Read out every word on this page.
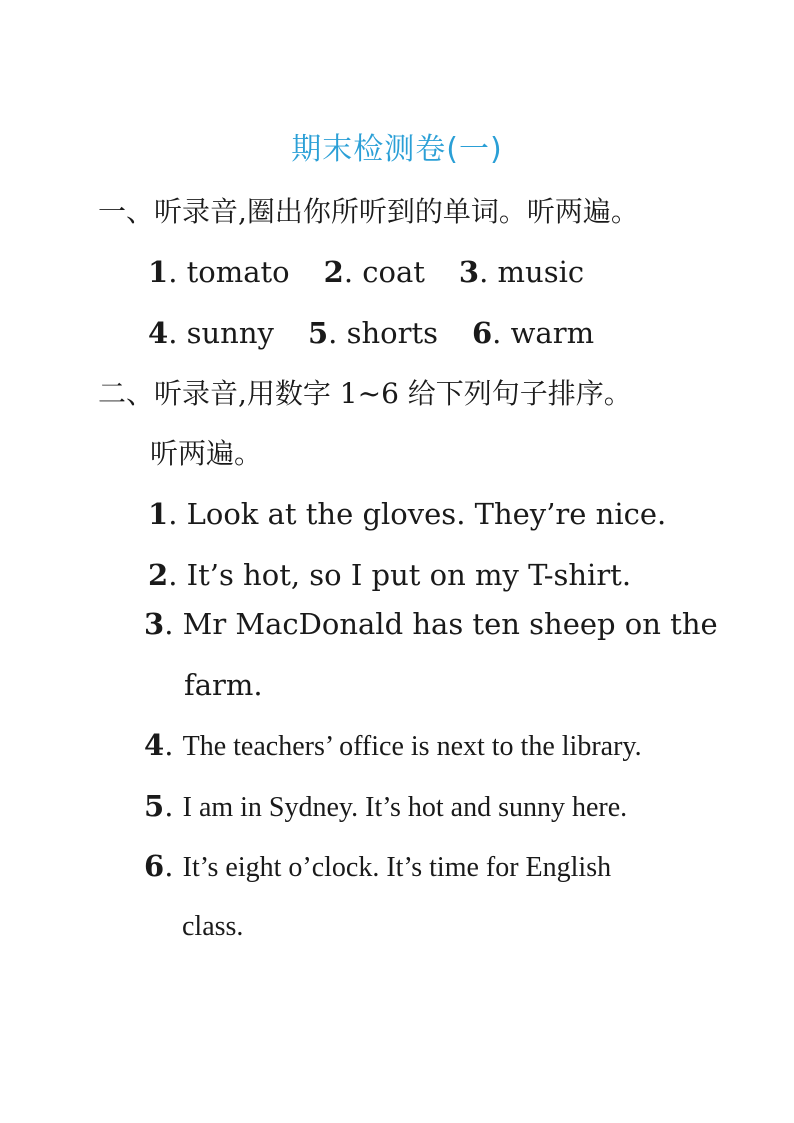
期末检测卷(一)
一、听录音,圈出你所听到的单词。听两遍。
1. tomato 2. coat 3. music
4. sunny 5. shorts 6. warm
二、听录音,用数字 1~6 给下列句子排序。
听两遍。
1. Look at the gloves. They’re nice.
2. It’s hot, so I put on my T-shirt.
3. Mr MacDonald has ten sheep on the
farm.
4. The teachers’ office is next to the library.
5. I am in Sydney. It’s hot and sunny here.
6. It’s eight o’clock. It’s time for English
class.
